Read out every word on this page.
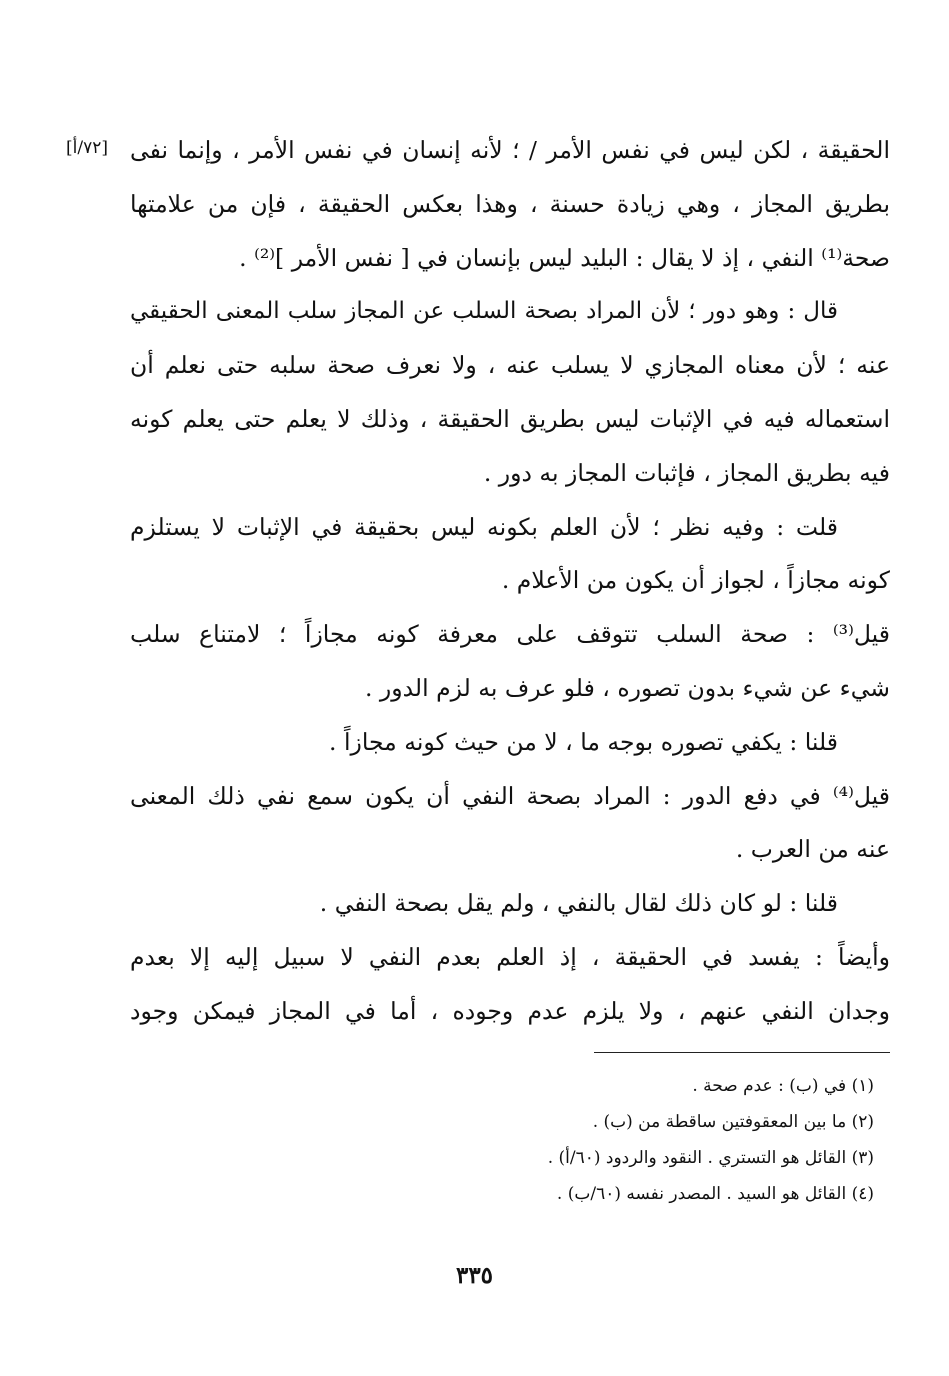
[٧٢/أ] الحقيقة ، لكن ليس في نفس الأمر / ؛ لأنه إنسان في نفس الأمر ، وإنما نفى
بطريق المجاز ، وهي زيادة حسنة ، وهذا بعكس الحقيقة ، فإن من علامتها
صحة⁽¹⁾ النفي ، إذ لا يقال : البليد ليس بإنسان في [ نفس الأمر ]⁽²⁾ .
قال : وهو دور ؛ لأن المراد بصحة السلب عن المجاز سلب المعنى الحقيقي
عنه ؛ لأن معناه المجازي لا يسلب عنه ، ولا نعرف صحة سلبه حتى نعلم أن
استعماله فيه في الإثبات ليس بطريق الحقيقة ، وذلك لا يعلم حتى يعلم كونه
فيه بطريق المجاز ، فإثبات المجاز به دور .
قلت : وفيه نظر ؛ لأن العلم بكونه ليس بحقيقة في الإثبات لا يستلزم
كونه مجازاً ، لجواز أن يكون من الأعلام .
قيل⁽³⁾ : صحة السلب تتوقف على معرفة كونه مجازاً ؛ لامتناع سلب
شيء عن شيء بدون تصوره ، فلو عرف به لزم الدور .
قلنا : يكفي تصوره بوجه ما ، لا من حيث كونه مجازاً .
قيل⁽⁴⁾ في دفع الدور : المراد بصحة النفي أن يكون سمع نفي ذلك المعنى
عنه من العرب .
قلنا : لو كان ذلك لقال بالنفي ، ولم يقل بصحة النفي .
وأيضاً : يفسد في الحقيقة ، إذ العلم بعدم النفي لا سبيل إليه إلا بعدم
وجدان النفي عنهم ، ولا يلزم عدم وجوده ، أما في المجاز فيمكن وجود
(١) في (ب) : عدم صحة .
(٢) ما بين المعقوفتين ساقطة من (ب) .
(٣) القائل هو التستري . النقود والردود (٦٠/أ) .
(٤) القائل هو السيد . المصدر نفسه (٦٠/ب) .
٣٣٥
